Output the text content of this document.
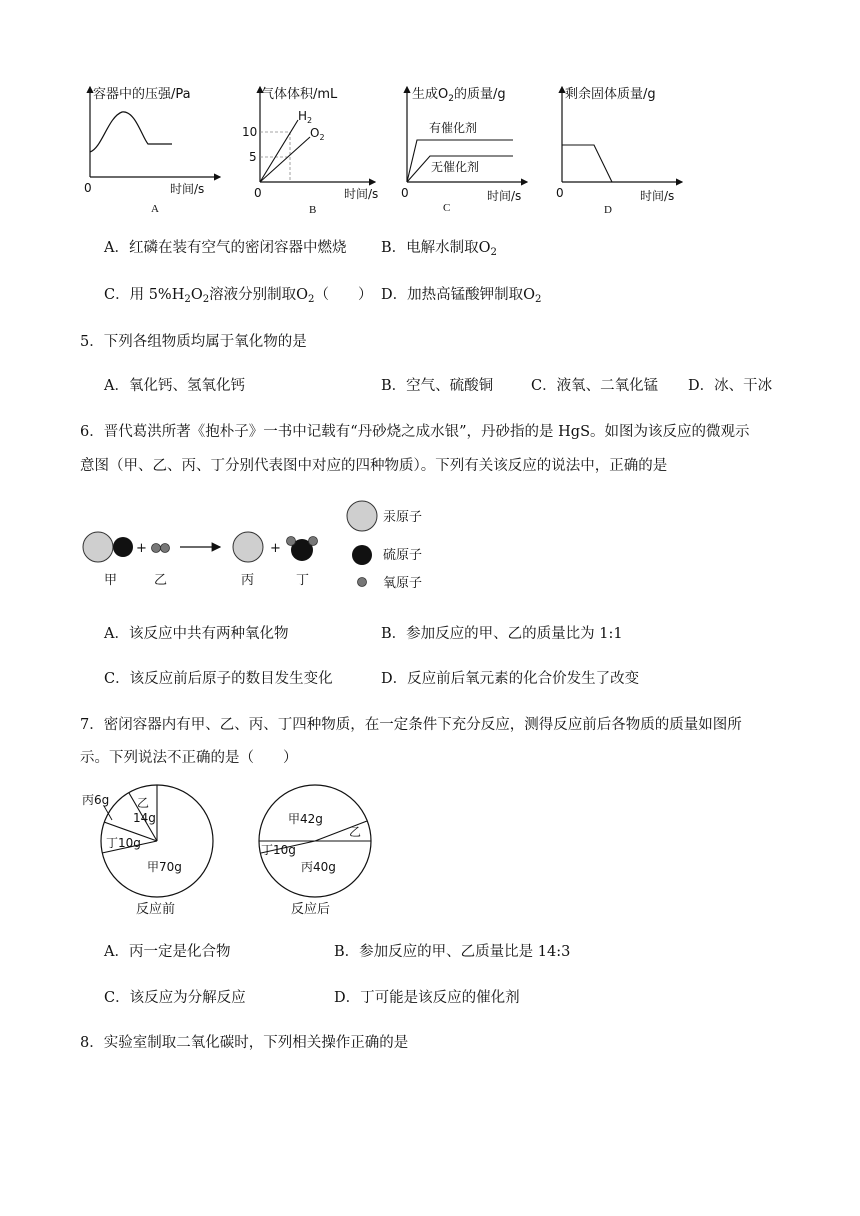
容器中的压强/Pa
0	时间/s
A
气体体积/mL
10
5
$H_2$
$O_2$
0	时间/s
B
生成$O_2$的质量/g
有催化剂
无催化剂
0	时间/s
C
剩余固体质量/g
0	时间/s
D
A．红磷在装有空气的密闭容器中燃烧 B．电解水制取$O_2$
C．用 $5\%H_2O_2$溶液分别制取$O_2$（　　） D．加热高锰酸钾制取$O_2$
5．下列各组物质均属于氧化物的是
A．氧化钙、氢氧化钙	B．空气、硫酸铜	C．液氧、二氧化锰 D．冰、干冰
6．晋代葛洪所著《抱朴子》一书中记载有“丹砂烧之成水银”，丹砂指的是 HgS。如图为该反应的微观示
意图（甲、乙、丙、丁分别代表图中对应的四种物质）。下列有关该反应的说法中，正确的是
+	+
甲	乙	丙	丁
汞原子
硫原子
氧原子
A．该反应中共有两种氧化物	B．参加反应的甲、乙的质量比为 1:1
C．该反应前后原子的数目发生变化	D．反应前后氧元素的化合价发生了改变
7．密闭容器内有甲、乙、丙、丁四种物质，在一定条件下充分反应，测得反应前后各物质的质量如图所
示。下列说法不正确的是（　　）
丙6g 乙
14g
丁10g
甲70g
反应前
甲42g
乙
丁10g
丙40g
反应后
A．丙一定是化合物	B．参加反应的甲、乙质量比是 14:3
C．该反应为分解反应	D．丁可能是该反应的催化剂
8．实验室制取二氧化碳时，下列相关操作正确的是
